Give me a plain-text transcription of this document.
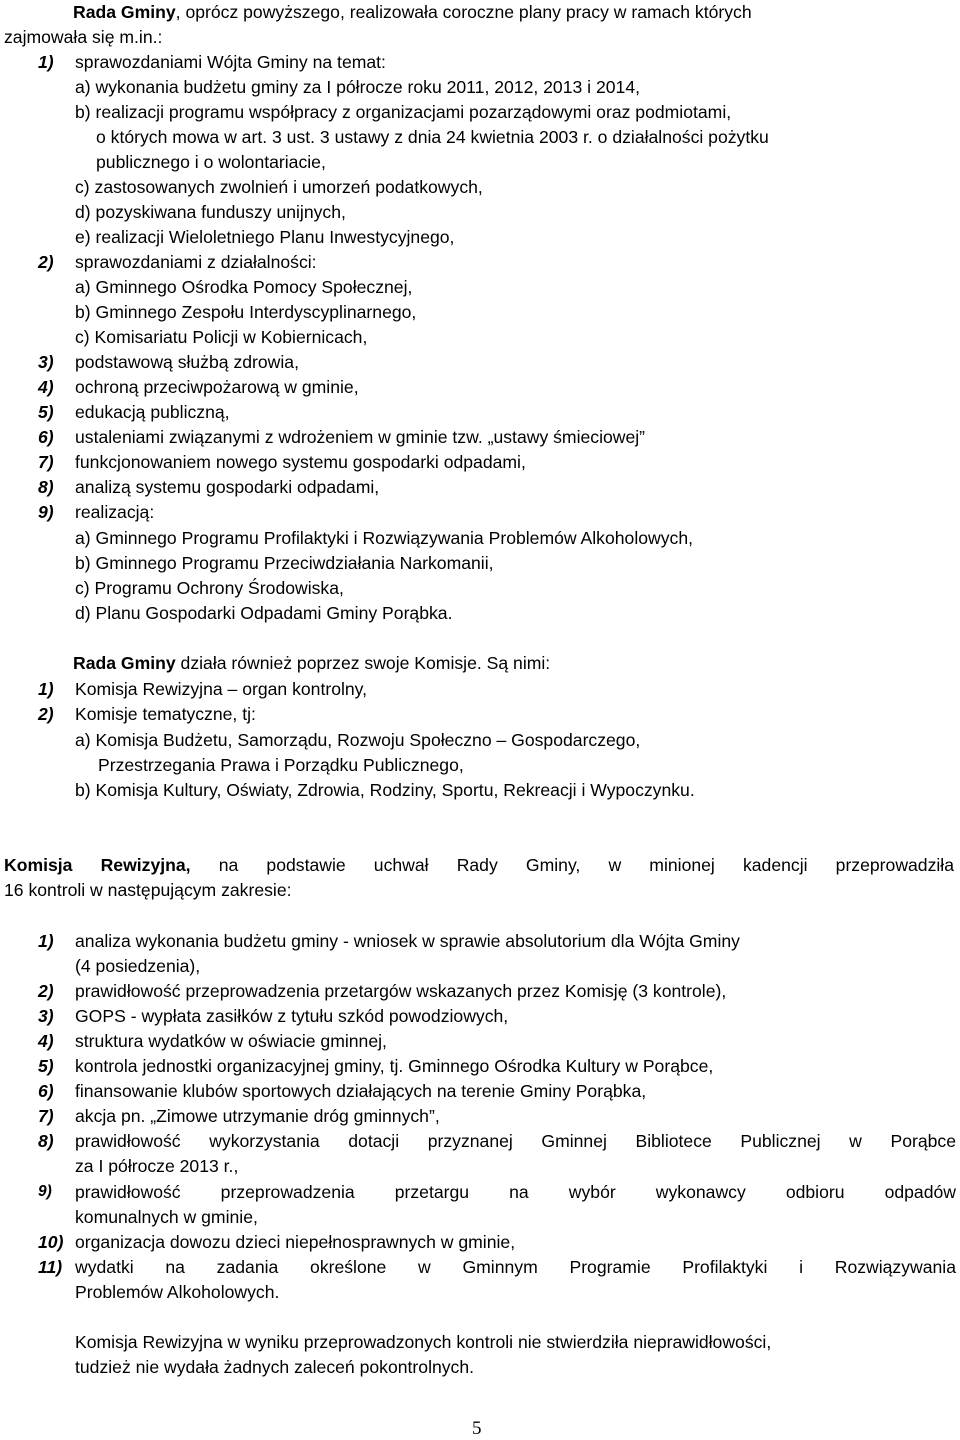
Rada Gminy, oprócz powyższego, realizowała coroczne plany pracy w ramach których
zajmowała się m.in.:
1) sprawozdaniami Wójta Gminy na temat:
a) wykonania budżetu gminy za I półrocze roku 2011, 2012, 2013 i 2014,
b) realizacji programu współpracy z organizacjami pozarządowymi oraz podmiotami,
o których mowa w art. 3 ust. 3 ustawy z dnia 24 kwietnia 2003 r. o działalności pożytku
publicznego i o wolontariacie,
c) zastosowanych zwolnień i umorzeń podatkowych,
d) pozyskiwana funduszy unijnych,
e) realizacji Wieloletniego Planu Inwestycyjnego,
2) sprawozdaniami z działalności:
a) Gminnego Ośrodka Pomocy Społecznej,
b) Gminnego Zespołu Interdyscyplinarnego,
c) Komisariatu Policji w Kobiernicach,
3) podstawową służbą zdrowia,
4) ochroną przeciwpożarową w gminie,
5) edukacją publiczną,
6) ustaleniami związanymi z wdrożeniem w gminie tzw. „ustawy śmieciowej”
7) funkcjonowaniem nowego systemu gospodarki odpadami,
8) analizą systemu gospodarki odpadami,
9) realizacją:
a) Gminnego Programu Profilaktyki i Rozwiązywania Problemów Alkoholowych,
b) Gminnego Programu Przeciwdziałania Narkomanii,
c) Programu Ochrony Środowiska,
d) Planu Gospodarki Odpadami Gminy Porąbka.
Rada Gminy działa również poprzez swoje Komisje. Są nimi:
1) Komisja Rewizyjna – organ kontrolny,
2) Komisje tematyczne, tj:
a) Komisja Budżetu, Samorządu, Rozwoju Społeczno – Gospodarczego,
Przestrzegania Prawa i Porządku Publicznego,
b) Komisja Kultury, Oświaty, Zdrowia, Rodziny, Sportu, Rekreacji i Wypoczynku.
Komisja Rewizyjna, na podstawie uchwał Rady Gminy, w minionej kadencji przeprowadziła
16 kontroli w następującym zakresie:
1) analiza wykonania budżetu gminy - wniosek w sprawie absolutorium dla Wójta Gminy
(4 posiedzenia),
2) prawidłowość przeprowadzenia przetargów wskazanych przez Komisję (3 kontrole),
3) GOPS - wypłata zasiłków z tytułu szkód powodziowych,
4) struktura wydatków w oświacie gminnej,
5) kontrola jednostki organizacyjnej gminy, tj. Gminnego Ośrodka Kultury w Porąbce,
6) finansowanie klubów sportowych działających na terenie Gminy Porąbka,
7) akcja pn. „Zimowe utrzymanie dróg gminnych”,
8) prawidłowość wykorzystania dotacji przyznanej Gminnej Bibliotece Publicznej w Porąbce
za I półrocze 2013 r.,
9) prawidłowość przeprowadzenia przetargu na wybór wykonawcy odbioru odpadów
komunalnych w gminie,
10) organizacja dowozu dzieci niepełnosprawnych w gminie,
11) wydatki na zadania określone w Gminnym Programie Profilaktyki i Rozwiązywania
Problemów Alkoholowych.
Komisja Rewizyjna w wyniku przeprowadzonych kontroli nie stwierdziła nieprawidłowości,
tudzież nie wydała żadnych zaleceń pokontrolnych.
5
